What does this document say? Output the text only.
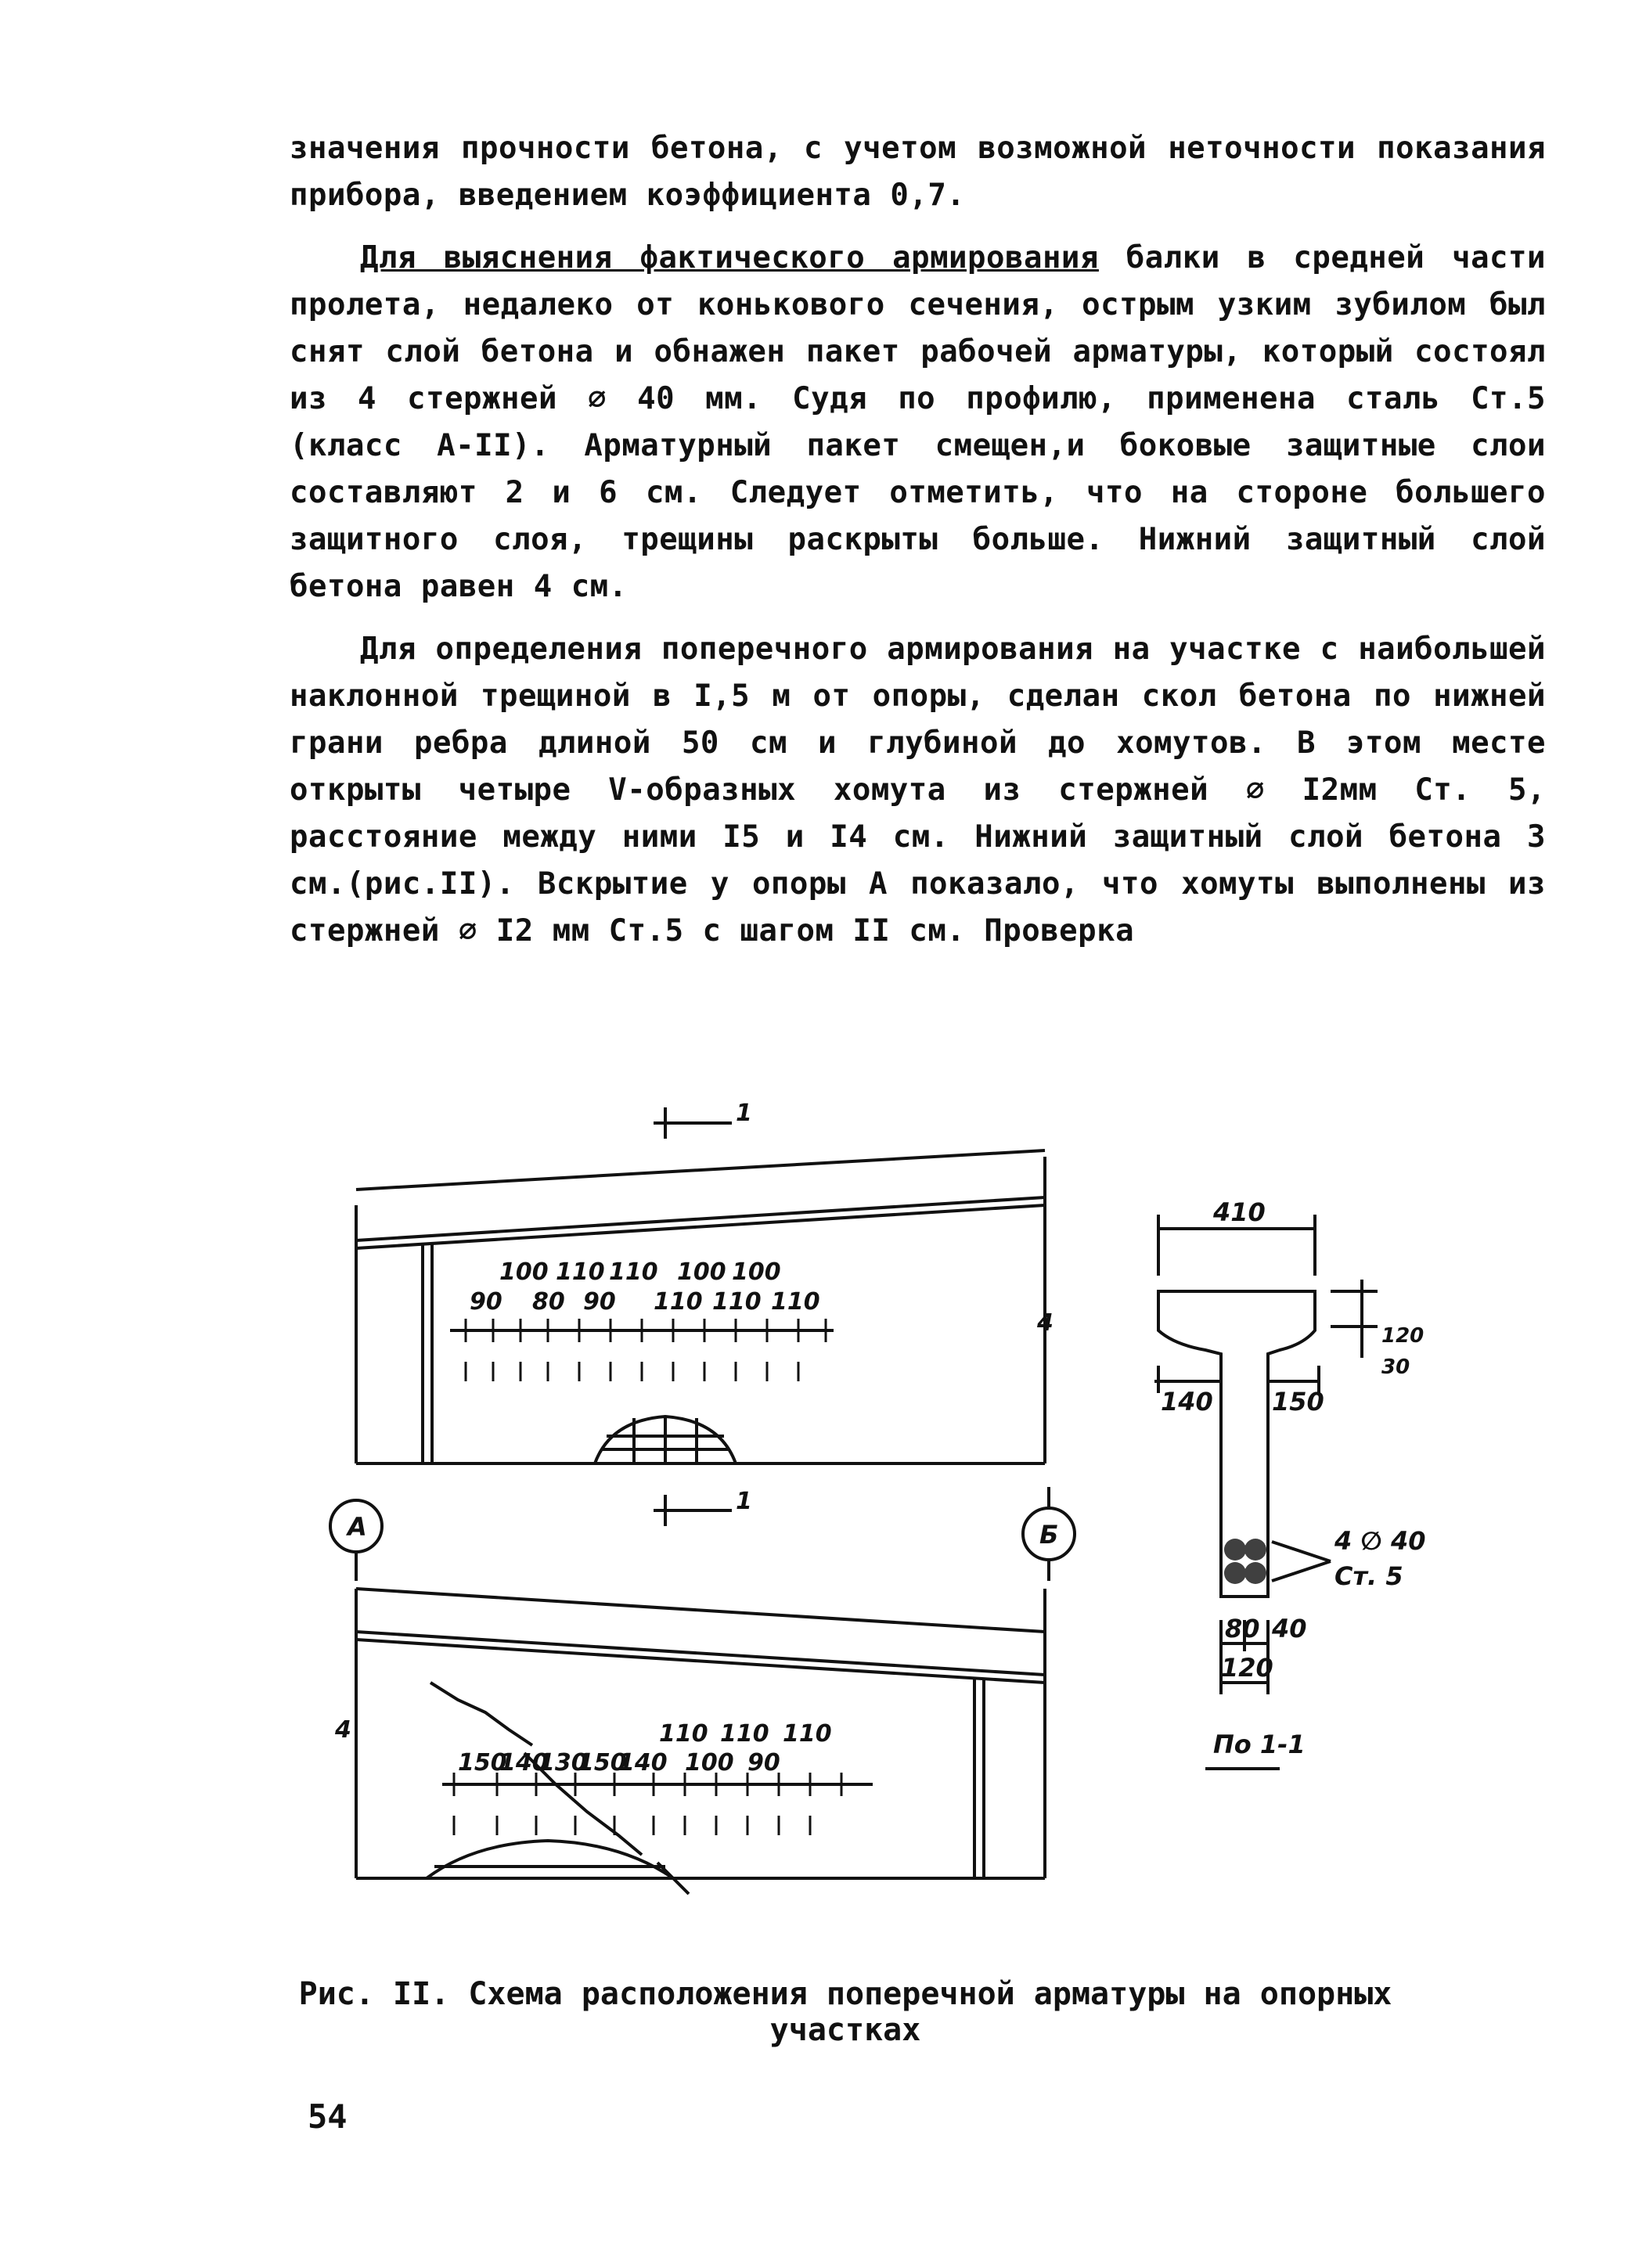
значения прочности бетона, с учетом возможной неточности показания прибора, введением коэффициента 0,7.
Для выяснения фактического армирования балки в средней части пролета, недалеко от конькового сечения, острым узким зубилом был снят слой бетона и обнажен пакет рабочей арматуры, который состоял из 4 стержней ∅ 40 мм. Судя по профилю, применена сталь Ст.5 (класс А-II). Арматурный пакет смещен,и боковые защитные слои составляют 2 и 6 см. Следует отметить, что на стороне большего защитного слоя, трещины раскрыты больше. Нижний защитный слой бетона равен 4 см.
Для определения поперечного армирования на участке с наибольшей наклонной трещиной в I,5 м от опоры, сделан скол бетона по нижней грани ребра длиной 50 см и глубиной до хомутов. В этом месте открыты четыре V-образных хомута из стержней ∅ I2мм Ст. 5, расстояние между ними I5 и I4 см. Нижний защитный слой бетона 3 см.(рис.II). Вскрытие у опоры А показало, что хомуты выполнены из стержней ∅ I2 мм Ст.5 с шагом II см. Проверка
1
1
А	Б
4
4
100 110 110 100 100
90 80 90 110 110 110
150
140
130
150
140 100 90
110 110 110
410
120
30
140 150
4 ∅ 40
Ст. 5
80 40
120
По 1-1
Рис. II. Схема расположения поперечной арматуры на опорных участках
54
